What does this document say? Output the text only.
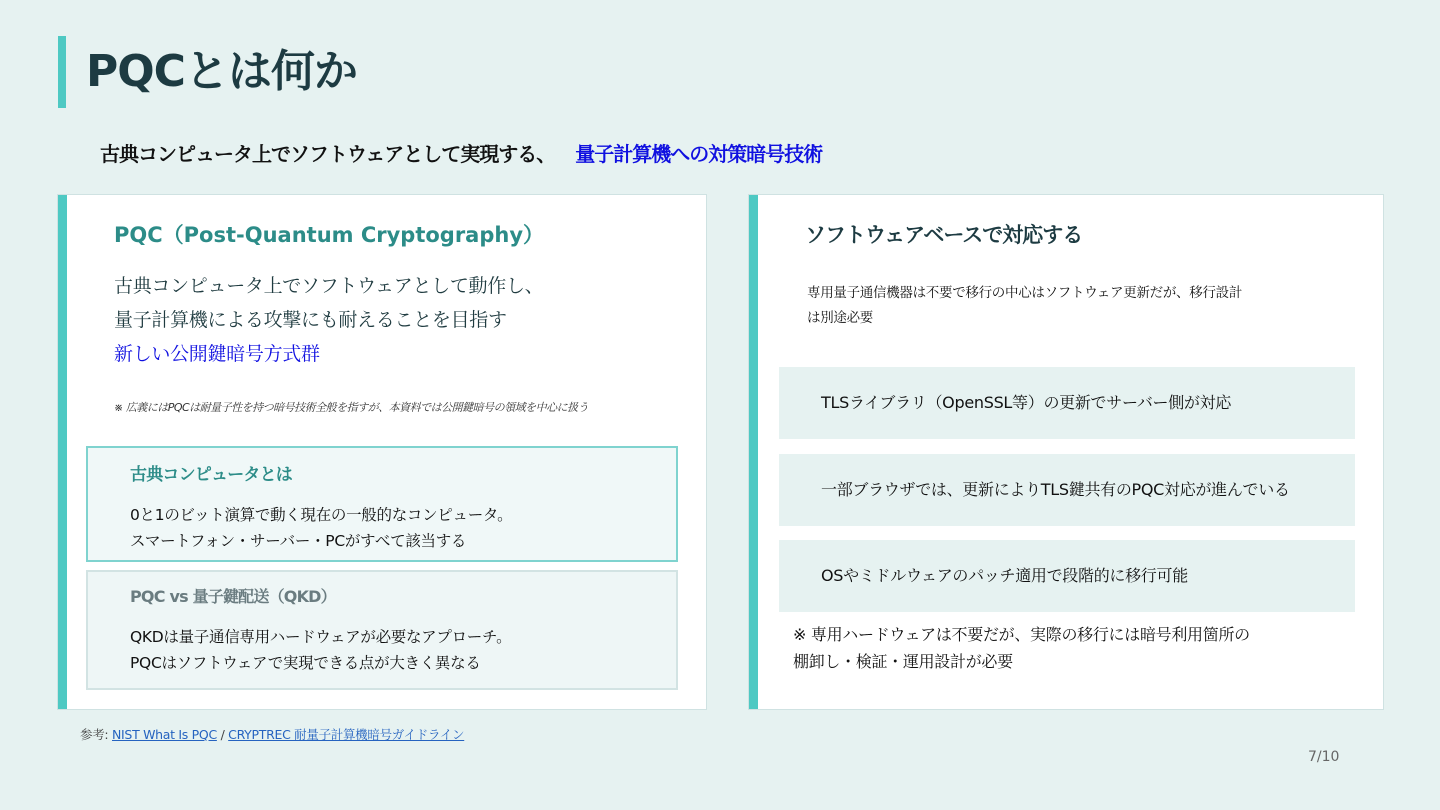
PQCとは何か
古典コンピュータ上でソフトウェアとして実現する、 量子計算機への対策暗号技術
PQC（Post-Quantum Cryptography）
古典コンピュータ上でソフトウェアとして動作し、
量子計算機による攻撃にも耐えることを目指す
新しい公開鍵暗号方式群
※ 広義にはPQCは耐量子性を持つ暗号技術全般を指すが、本資料では公開鍵暗号の領域を中心に扱う
古典コンピュータとは
0と1のビット演算で動く現在の一般的なコンピュータ。
スマートフォン・サーバー・PCがすべて該当する
PQC vs 量子鍵配送（QKD）
QKDは量子通信専用ハードウェアが必要なアプローチ。
PQCはソフトウェアで実現できる点が大きく異なる
ソフトウェアベースで対応する
専用量子通信機器は不要で移行の中心はソフトウェア更新だが、移行設計
は別途必要
TLSライブラリ（OpenSSL等）の更新でサーバー側が対応
一部ブラウザでは、更新によりTLS鍵共有のPQC対応が進んでいる
OSやミドルウェアのパッチ適用で段階的に移行可能
※ 専用ハードウェアは不要だが、実際の移行には暗号利用箇所の
棚卸し・検証・運用設計が必要
参考: NIST What Is PQC / CRYPTREC 耐量子計算機暗号ガイドライン
7/10
